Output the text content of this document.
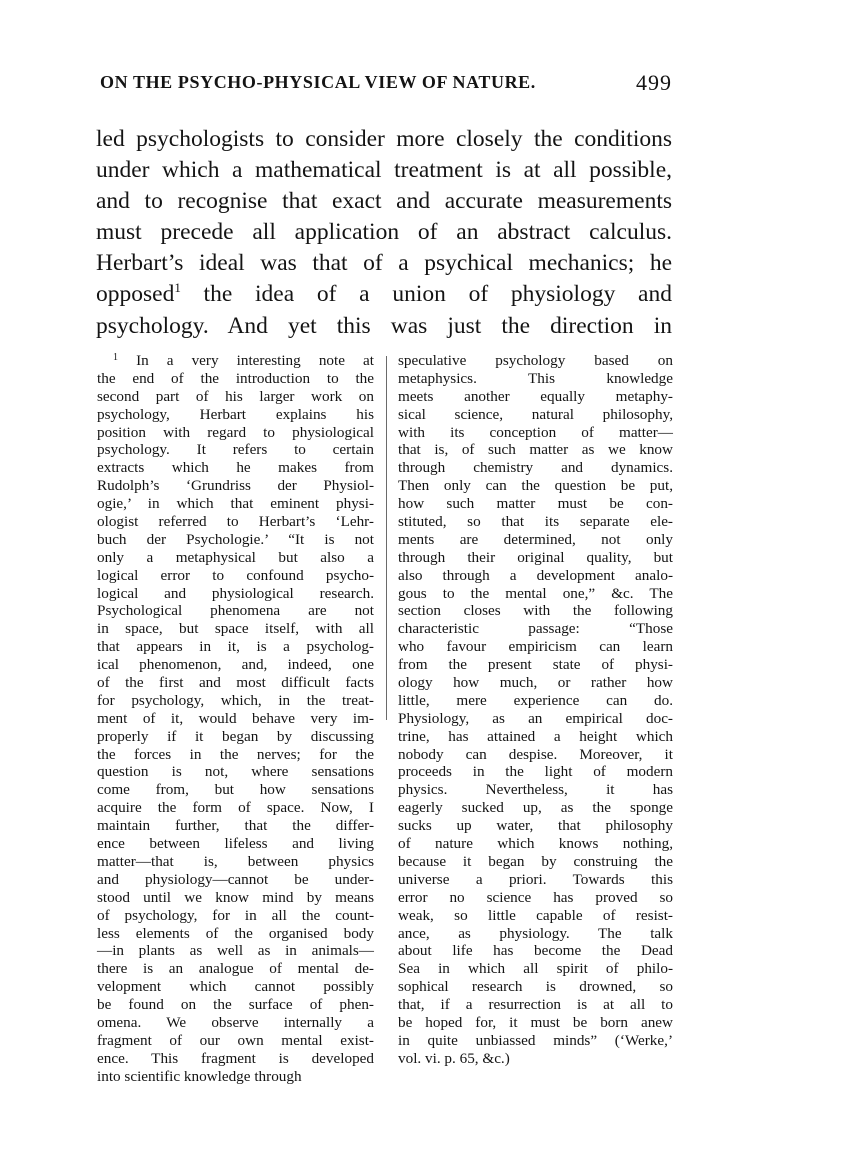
ON THE PSYCHO-PHYSICAL VIEW OF NATURE.	499
led psychologists to consider more closely the conditions
under which a mathematical treatment is at all possible,
and to recognise that exact and accurate measurements
must precede all application of an abstract calculus.
Herbart’s ideal was that of a psychical mechanics; he
opposed$^1$ the idea of a union of physiology and
psychology. And yet this was just the direction in
$^1$ In a very interesting note at
the end of the introduction to the
second part of his larger work on
psychology, Herbart explains his
position with regard to physiological
psychology. It refers to certain
extracts which he makes from
Rudolph’s ‘Grundriss der Physiol-
ogie,’ in which that eminent physi-
ologist referred to Herbart’s ‘Lehr-
buch der Psychologie.’ “It is not
only a metaphysical but also a
logical error to confound psycho-
logical and physiological research.
Psychological phenomena are not
in space, but space itself, with all
that appears in it, is a psycholog-
ical phenomenon, and, indeed, one
of the first and most difficult facts
for psychology, which, in the treat-
ment of it, would behave very im-
properly if it began by discussing
the forces in the nerves; for the
question is not, where sensations
come from, but how sensations
acquire the form of space. Now, I
maintain further, that the differ-
ence between lifeless and living
matter—that is, between physics
and physiology—cannot be under-
stood until we know mind by means
of psychology, for in all the count-
less elements of the organised body
—in plants as well as in animals—
there is an analogue of mental de-
velopment which cannot possibly
be found on the surface of phen-
omena. We observe internally a
fragment of our own mental exist-
ence. This fragment is developed
into scientific knowledge through
speculative psychology based on
metaphysics. This knowledge
meets another equally metaphy-
sical science, natural philosophy,
with its conception of matter—
that is, of such matter as we know
through chemistry and dynamics.
Then only can the question be put,
how such matter must be con-
stituted, so that its separate ele-
ments are determined, not only
through their original quality, but
also through a development analo-
gous to the mental one,” &c. The
section closes with the following
characteristic passage: “Those
who favour empiricism can learn
from the present state of physi-
ology how much, or rather how
little, mere experience can do.
Physiology, as an empirical doc-
trine, has attained a height which
nobody can despise. Moreover, it
proceeds in the light of modern
physics. Nevertheless, it has
eagerly sucked up, as the sponge
sucks up water, that philosophy
of nature which knows nothing,
because it began by construing the
universe a priori. Towards this
error no science has proved so
weak, so little capable of resist-
ance, as physiology. The talk
about life has become the Dead
Sea in which all spirit of philo-
sophical research is drowned, so
that, if a resurrection is at all to
be hoped for, it must be born anew
in quite unbiassed minds” (‘Werke,’
vol. vi. p. 65, &c.)
